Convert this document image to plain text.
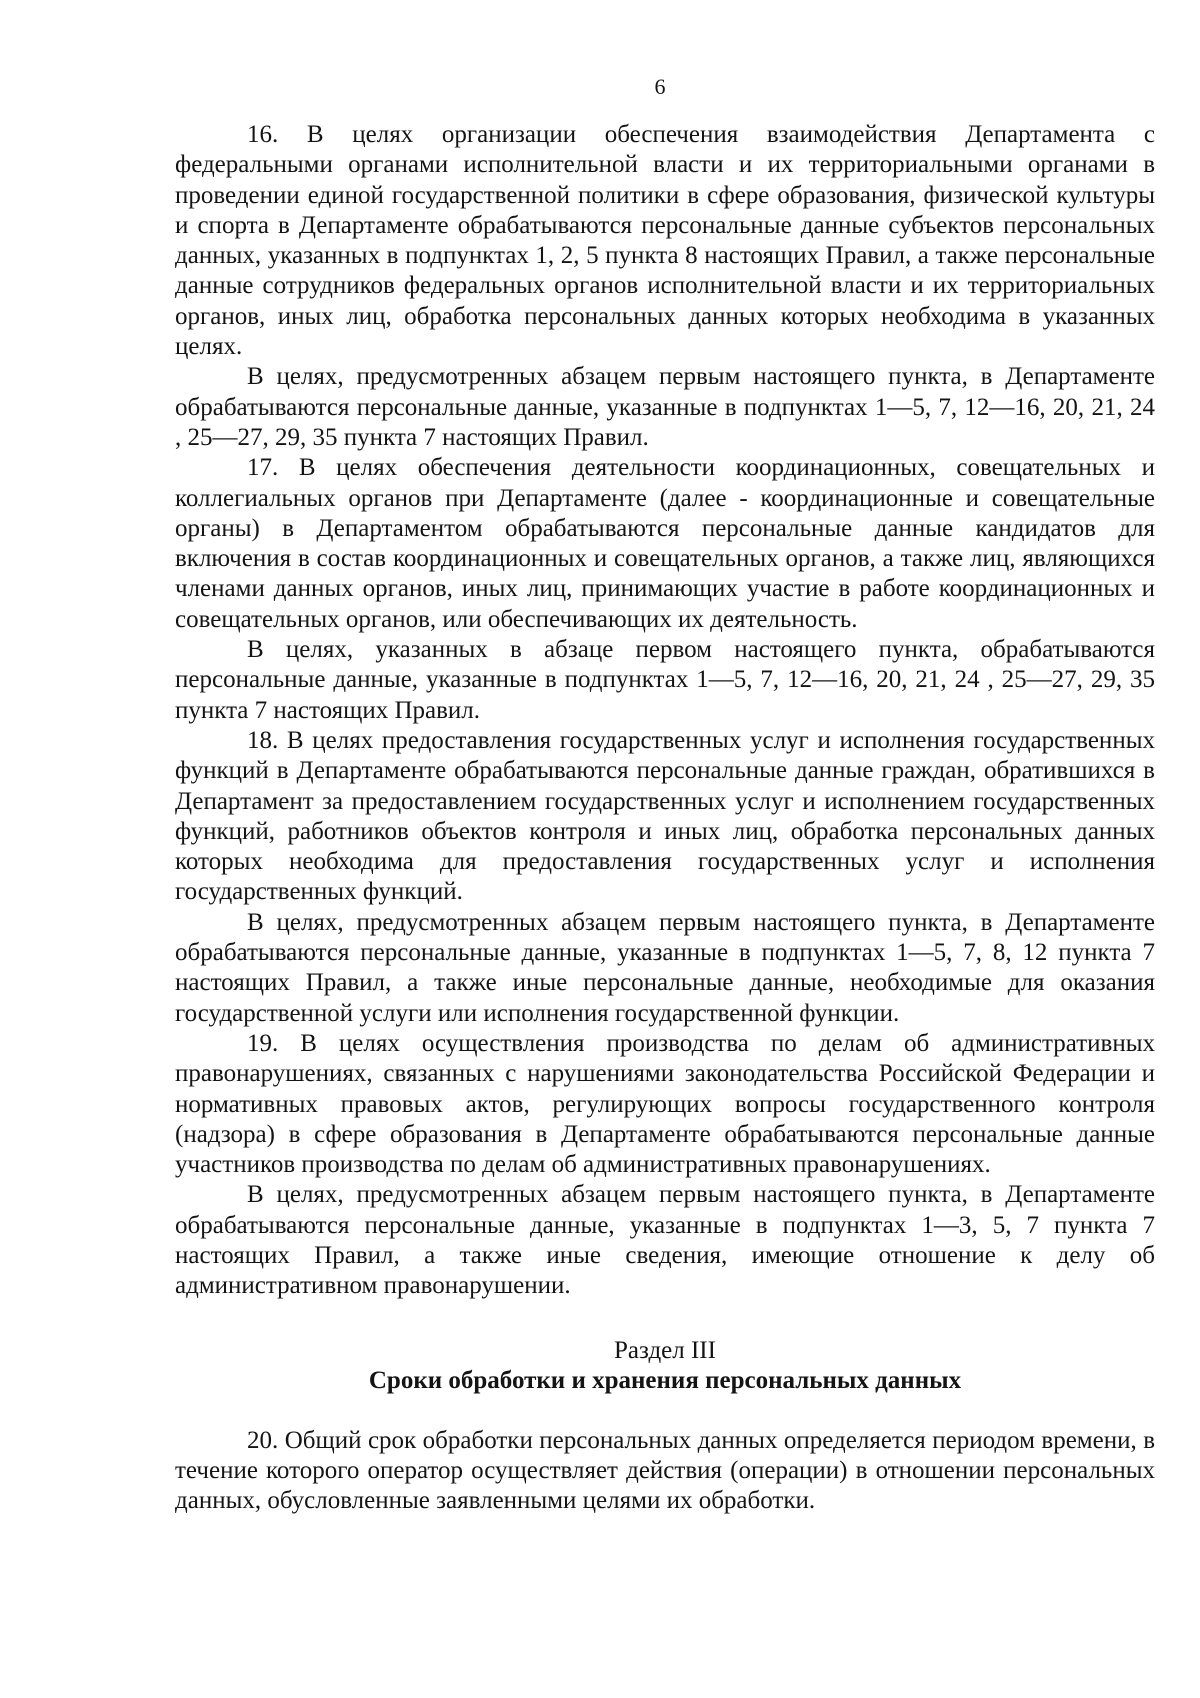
6

16. В целях организации обеспечения взаимодействия Департамента с федеральными органами исполнительной власти и их территориальными органами в проведении единой государственной политики в сфере образования, физической культуры и спорта в Департаменте обрабатываются персональные данные субъектов персональных данных, указанных в подпунктах 1, 2, 5 пункта 8 настоящих Правил, а также персональные данные сотрудников федеральных органов исполнительной власти и их территориальных органов, иных лиц, обработка персональных данных которых необходима в указанных целях.

В целях, предусмотренных абзацем первым настоящего пункта, в Департаменте обрабатываются персональные данные, указанные в подпунктах 1—5, 7, 12—16, 20, 21, 24 , 25—27, 29, 35 пункта 7 настоящих Правил.

17. В целях обеспечения деятельности координационных, совещательных и коллегиальных органов при Департаменте (далее - координационные и совещательные органы) в Департаментом обрабатываются персональные данные кандидатов для включения в состав координационных и совещательных органов, а также лиц, являющихся членами данных органов, иных лиц, принимающих участие в работе координационных и совещательных органов, или обеспечивающих их деятельность.

В целях, указанных в абзаце первом настоящего пункта, обрабатываются персональные данные, указанные в подпунктах 1—5, 7, 12—16, 20, 21, 24 , 25—27, 29, 35 пункта 7 настоящих Правил.

18. В целях предоставления государственных услуг и исполнения государственных функций в Департаменте обрабатываются персональные данные граждан, обратившихся в Департамент за предоставлением государственных услуг и исполнением государственных функций, работников объектов контроля и иных лиц, обработка персональных данных которых необходима для предоставления государственных услуг и исполнения государственных функций.

В целях, предусмотренных абзацем первым настоящего пункта, в Департаменте обрабатываются персональные данные, указанные в подпунктах 1—5, 7, 8, 12 пункта 7 настоящих Правил, а также иные персональные данные, необходимые для оказания государственной услуги или исполнения государственной функции.

19. В целях осуществления производства по делам об административных правонарушениях, связанных с нарушениями законодательства Российской Федерации и нормативных правовых актов, регулирующих вопросы государственного контроля (надзора) в сфере образования в Департаменте обрабатываются персональные данные участников производства по делам об административных правонарушениях.

В целях, предусмотренных абзацем первым настоящего пункта, в Департаменте обрабатываются персональные данные, указанные в подпунктах 1—3, 5, 7 пункта 7 настоящих Правил, а также иные сведения, имеющие отношение к делу об административном правонарушении.

Раздел III
Сроки обработки и хранения персональных данных

20. Общий срок обработки персональных данных определяется периодом времени, в течение которого оператор осуществляет действия (операции) в отношении персональных данных, обусловленные заявленными целями их обработки.
